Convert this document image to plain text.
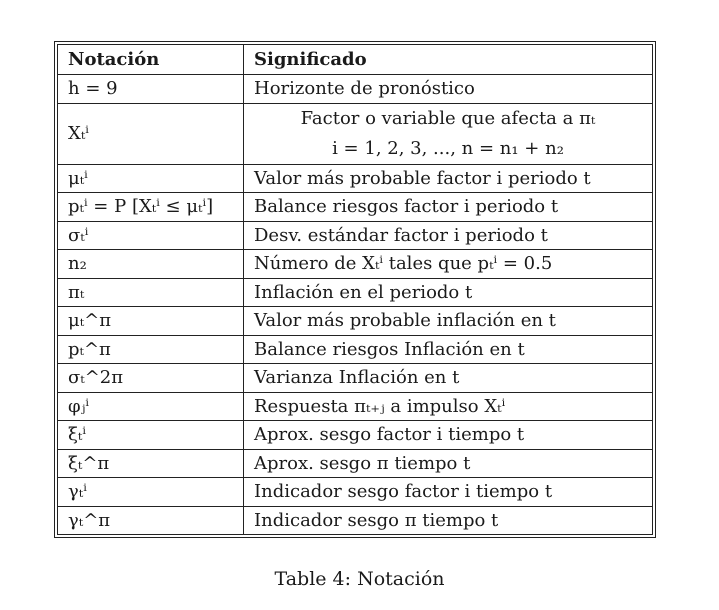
Notación	Significado
h = 9	Horizonte de pronóstico
Xₜⁱ	Factor o variable que afecta a πₜ
i = 1, 2, 3, ..., n = n₁ + n₂

μₜⁱ	Valor más probable factor i periodo t
pₜⁱ = P [Xₜⁱ ≤ μₜⁱ]	Balance riesgos factor i periodo t
σₜⁱ	Desv. estándar factor i periodo t
n₂	Número de Xₜⁱ tales que pₜⁱ = 0.5
πₜ	Inflación en el periodo t
μₜ^π	Valor más probable inflación en t
pₜ^π	Balance riesgos Inflación en t
σₜ^2π	Varianza Inflación en t
φⱼⁱ	Respuesta πₜ₊ⱼ a impulso Xₜⁱ
ξₜⁱ	Aprox. sesgo factor i tiempo t
ξₜ^π	Aprox. sesgo π tiempo t
γₜⁱ	Indicador sesgo factor i tiempo t
γₜ^π	Indicador sesgo π tiempo t
Table 4: Notación
